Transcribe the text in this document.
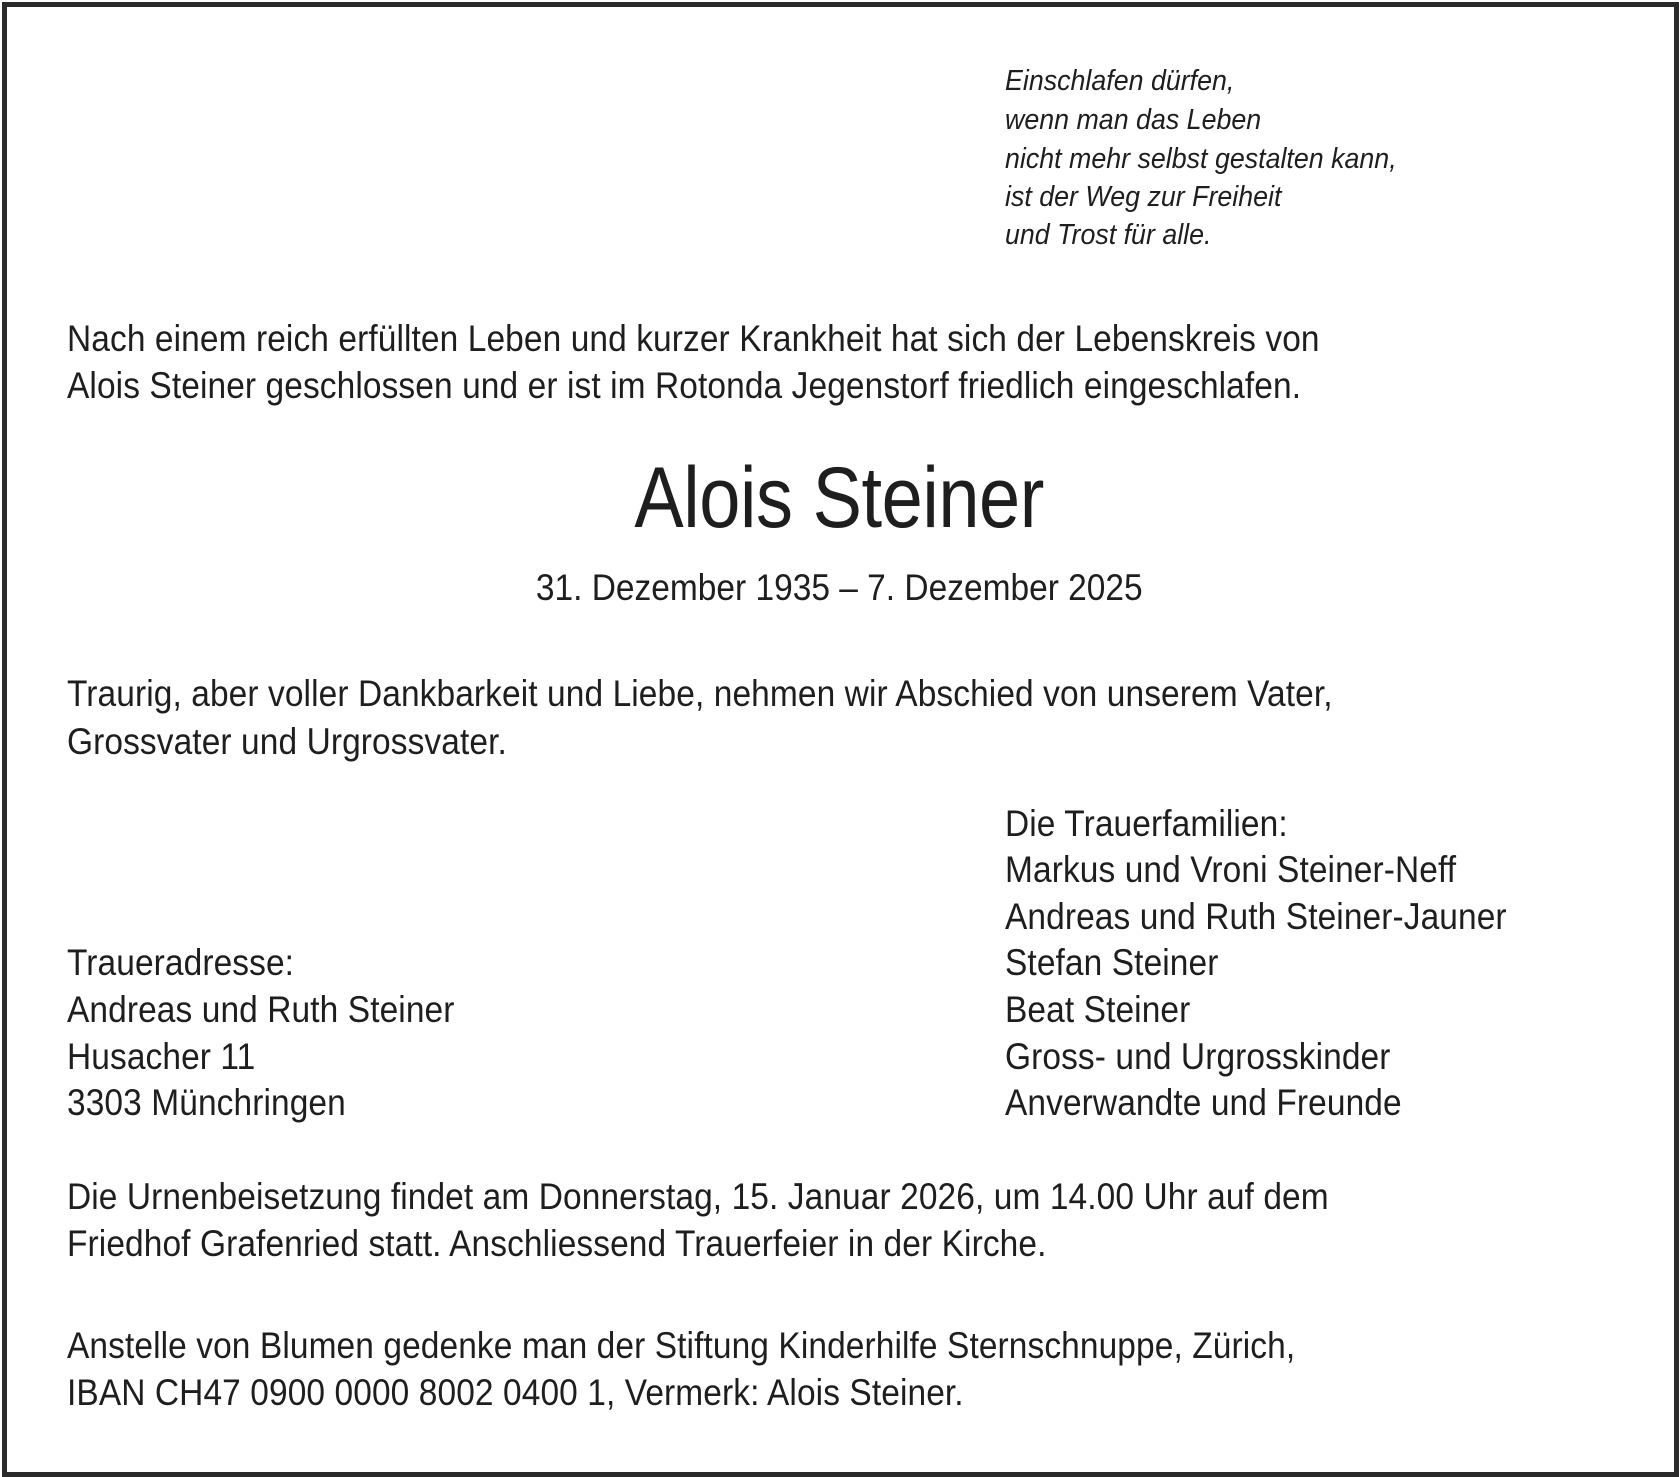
Einschlafen dürfen,
wenn man das Leben
nicht mehr selbst gestalten kann,
ist der Weg zur Freiheit
und Trost für alle.
Nach einem reich erfüllten Leben und kurzer Krankheit hat sich der Lebenskreis von
Alois Steiner geschlossen und er ist im Rotonda Jegenstorf friedlich eingeschlafen.
Alois Steiner
31. Dezember 1935 – 7. Dezember 2025
Traurig, aber voller Dankbarkeit und Liebe, nehmen wir Abschied von unserem Vater,
Grossvater und Urgrossvater.
Die Trauerfamilien:
Markus und Vroni Steiner-Neff
Andreas und Ruth Steiner-Jauner
Stefan Steiner
Beat Steiner
Gross- und Urgrosskinder
Anverwandte und Freunde
Traueradresse:
Andreas und Ruth Steiner
Husacher 11
3303 Münchringen
Die Urnenbeisetzung findet am Donnerstag, 15. Januar 2026, um 14.00 Uhr auf dem
Friedhof Grafenried statt. Anschliessend Trauerfeier in der Kirche.
Anstelle von Blumen gedenke man der Stiftung Kinderhilfe Sternschnuppe, Zürich,
IBAN CH47 0900 0000 8002 0400 1, Vermerk: Alois Steiner.
